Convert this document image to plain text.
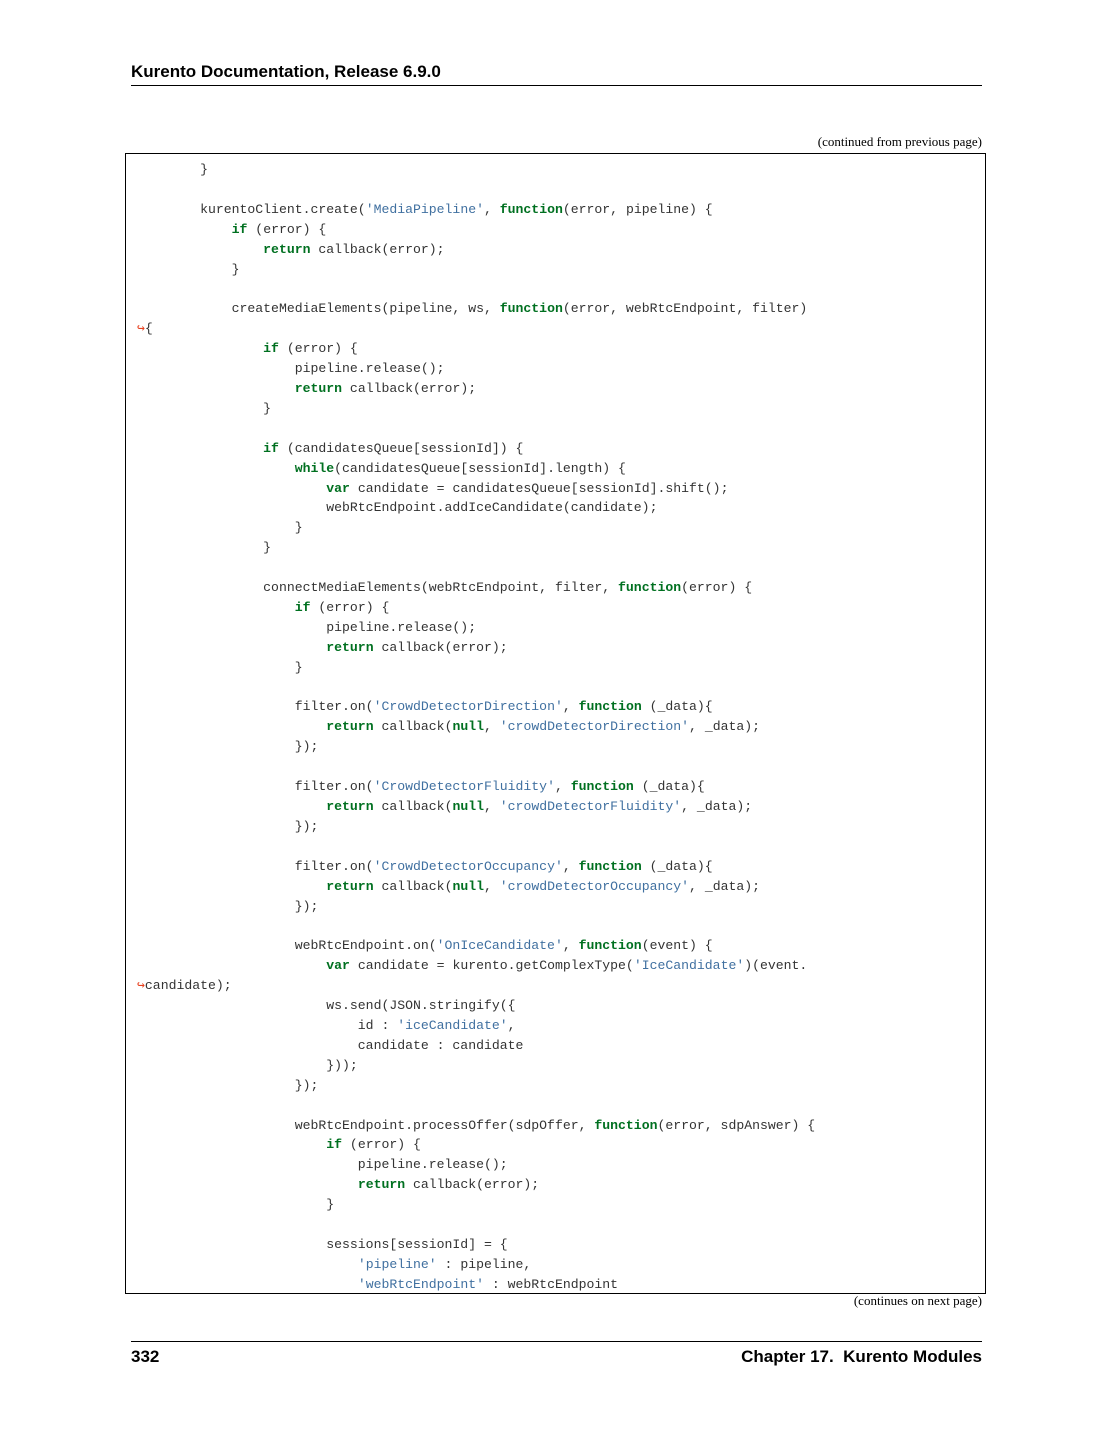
Kurento Documentation, Release 6.9.0
(continued from previous page)
}

kurentoClient.create('MediaPipeline', function(error, pipeline) {
if (error) {
return callback(error);
}

createMediaElements(pipeline, ws, function(error, webRtcEndpoint, filter)
↪{
if (error) {
pipeline.release();
return callback(error);
}

if (candidatesQueue[sessionId]) {
while(candidatesQueue[sessionId].length) {
var candidate = candidatesQueue[sessionId].shift();
webRtcEndpoint.addIceCandidate(candidate);
}
}

connectMediaElements(webRtcEndpoint, filter, function(error) {
if (error) {
pipeline.release();
return callback(error);
}

filter.on('CrowdDetectorDirection', function (_data){
return callback(null, 'crowdDetectorDirection', _data);
});

filter.on('CrowdDetectorFluidity', function (_data){
return callback(null, 'crowdDetectorFluidity', _data);
});

filter.on('CrowdDetectorOccupancy', function (_data){
return callback(null, 'crowdDetectorOccupancy', _data);
});

webRtcEndpoint.on('OnIceCandidate', function(event) {
var candidate = kurento.getComplexType('IceCandidate')(event.
↪candidate);
ws.send(JSON.stringify({
id : 'iceCandidate',
candidate : candidate
}));
});

webRtcEndpoint.processOffer(sdpOffer, function(error, sdpAnswer) {
if (error) {
pipeline.release();
return callback(error);
}

sessions[sessionId] = {
'pipeline' : pipeline,
'webRtcEndpoint' : webRtcEndpoint
(continues on next page)
332	Chapter 17.  Kurento Modules
